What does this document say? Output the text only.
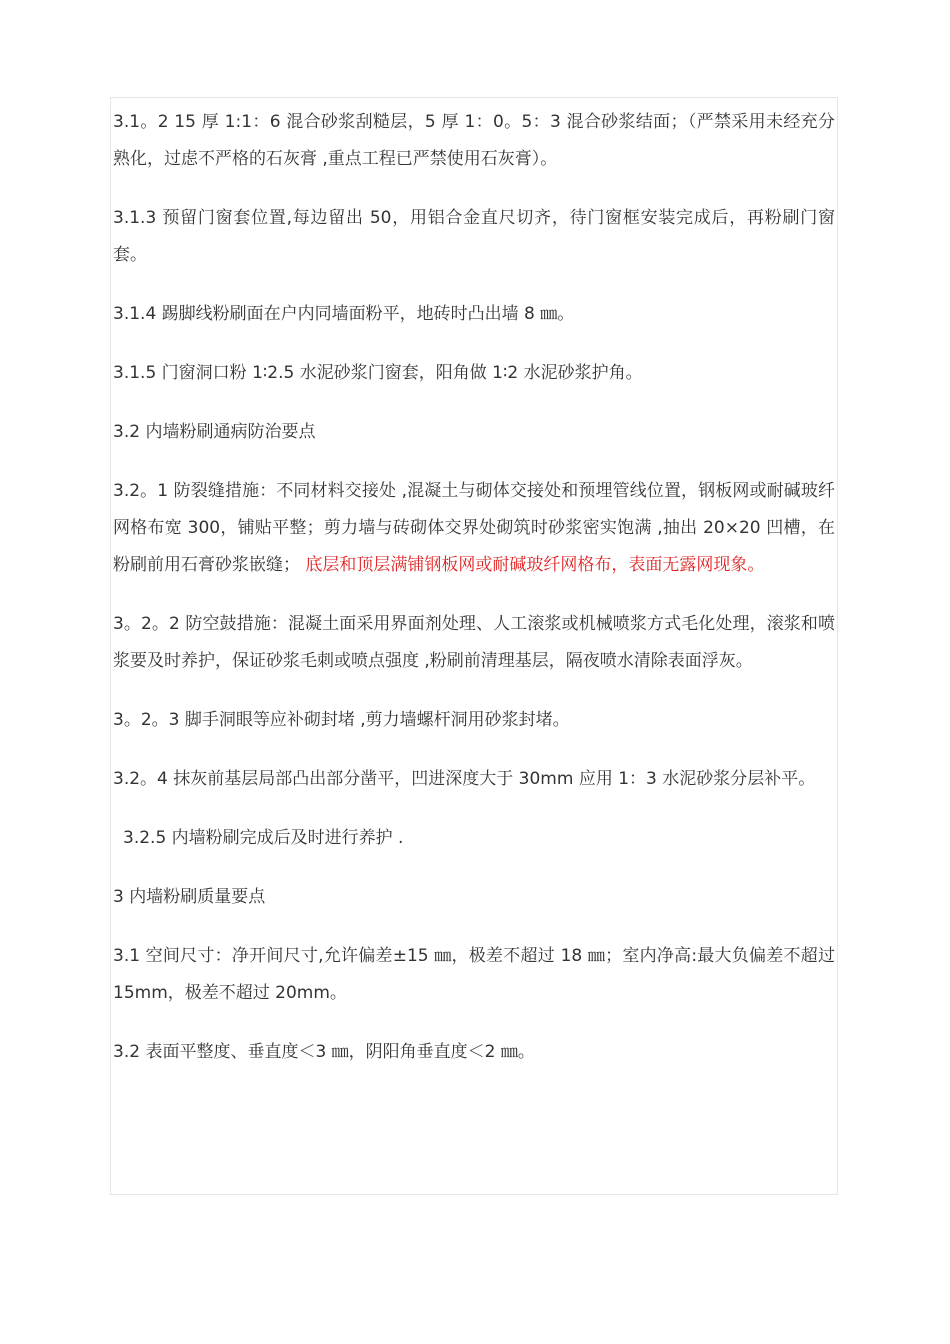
3.1。2 15 厚 1:1：6 混合砂浆刮糙层，5 厚 1：0。5：3 混合砂浆结面；（严禁采用未经充分熟化，过虑不严格的石灰膏 ,重点工程已严禁使用石灰膏）。

3.1.3 预留门窗套位置,每边留出 50，用铝合金直尺切齐，待门窗框安装完成后，再粉刷门窗套。

3.1.4 踢脚线粉刷面在户内同墙面粉平，地砖时凸出墙 8 ㎜。

3.1.5 门窗洞口粉 1∶2.5 水泥砂浆门窗套，阳角做 1∶2 水泥砂浆护角。

3.2 内墙粉刷通病防治要点

3.2。1 防裂缝措施：不同材料交接处 ,混凝土与砌体交接处和预埋管线位置，钢板网或耐碱玻纤网格布宽 300，铺贴平整；剪力墙与砖砌体交界处砌筑时砂浆密实饱满 ,抽出 20×20 凹槽，在粉刷前用石膏砂浆嵌缝； 底层和顶层满铺钢板网或耐碱玻纤网格布，表面无露网现象。

3。2。2 防空鼓措施：混凝土面采用界面剂处理、人工滚浆或机械喷浆方式毛化处理，滚浆和喷浆要及时养护，保证砂浆毛刺或喷点强度 ,粉刷前清理基层，隔夜喷水清除表面浮灰。

3。2。3 脚手洞眼等应补砌封堵 ,剪力墙螺杆洞用砂浆封堵。

3.2。4 抹灰前基层局部凸出部分凿平，凹进深度大于 30mm 应用 1：3 水泥砂浆分层补平。

3.2.5 内墙粉刷完成后及时进行养护 .

3 内墙粉刷质量要点

3.1 空间尺寸：净开间尺寸,允许偏差±15 ㎜，极差不超过 18 ㎜；室内净高:最大负偏差不超过 15mm，极差不超过 20mm。

3.2 表面平整度、垂直度＜3 ㎜，阴阳角垂直度＜2 ㎜。
